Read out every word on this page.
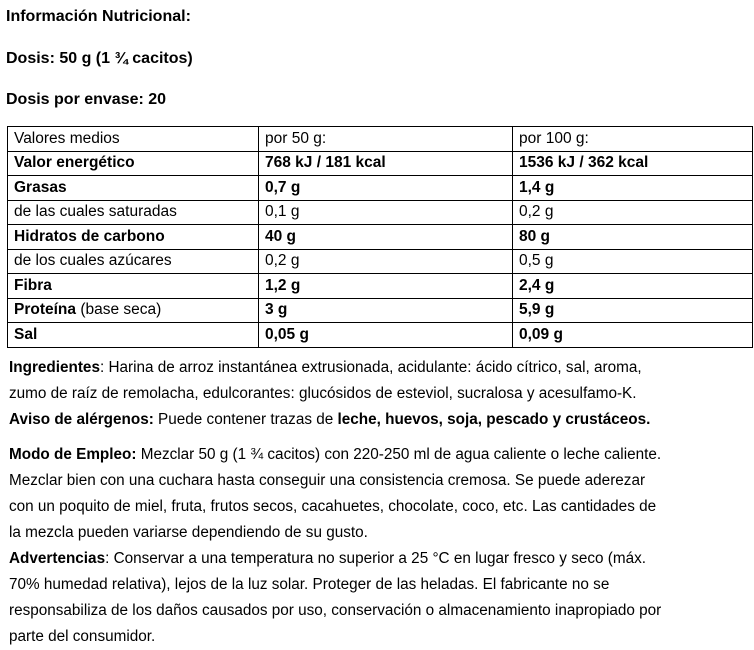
Información Nutricional:
Dosis: 50 g (1 ¾ cacitos)
Dosis por envase: 20
Valores medios	por 50 g:	por 100 g:
Valor energético	768 kJ / 181 kcal	1536 kJ / 362 kcal
Grasas	0,7 g	1,4 g
de las cuales saturadas	0,1 g	0,2 g
Hidratos de carbono	40 g	80 g
de los cuales azúcares	0,2 g	0,5 g
Fibra	1,2 g	2,4 g
Proteína (base seca)	3 g	5,9 g
Sal	0,05 g	0,09 g
Ingredientes: Harina de arroz instantánea extrusionada, acidulante: ácido cítrico, sal, aroma,
zumo de raíz de remolacha, edulcorantes: glucósidos de esteviol, sucralosa y acesulfamo-K.
Aviso de alérgenos: Puede contener trazas de leche, huevos, soja, pescado y crustáceos.
Modo de Empleo: Mezclar 50 g (1 ¾ cacitos) con 220-250 ml de agua caliente o leche caliente.
Mezclar bien con una cuchara hasta conseguir una consistencia cremosa. Se puede aderezar
con un poquito de miel, fruta, frutos secos, cacahuetes, chocolate, coco, etc. Las cantidades de
la mezcla pueden variarse dependiendo de su gusto.
Advertencias: Conservar a una temperatura no superior a 25 °C en lugar fresco y seco (máx.
70% humedad relativa), lejos de la luz solar. Proteger de las heladas. El fabricante no se
responsabiliza de los daños causados por uso, conservación o almacenamiento inapropiado por
parte del consumidor.
